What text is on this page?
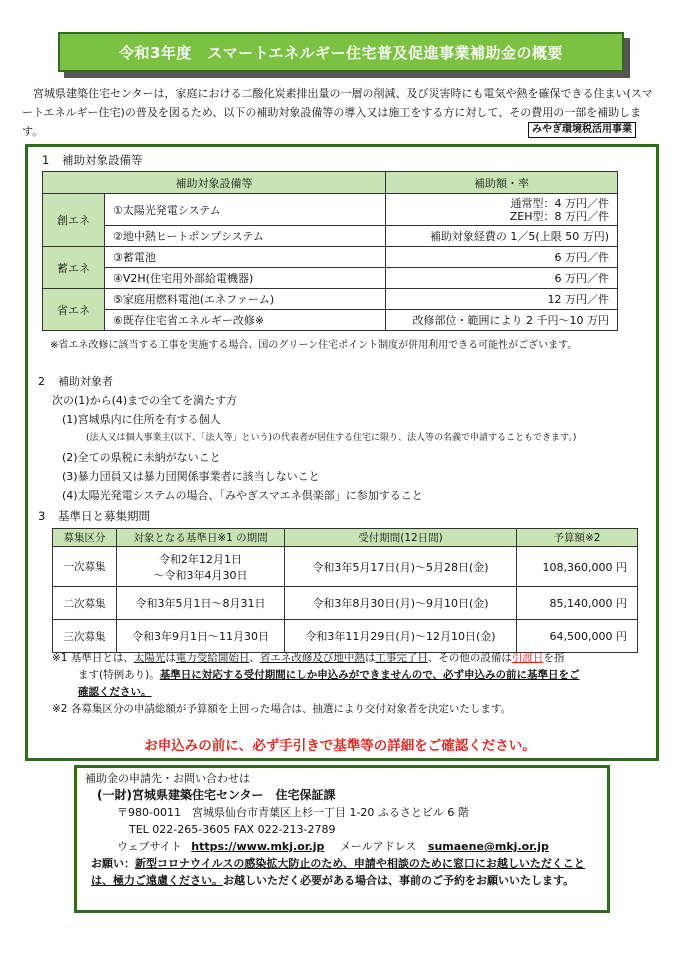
令和3年度　スマートエネルギー住宅普及促進事業補助金の概要

宮城県建築住宅センターは，家庭における二酸化炭素排出量の一層の削減、及び災害時にも電気や熱を確保できる住まい(スマートエネルギー住宅)の普及を図るため、以下の補助対象設備等の導入又は施工をする方に対して、その費用の一部を補助します。	みやぎ環境税活用事業
1 補助対象設備等
補助対象設備等		補助額・率
創エネ	①太陽光発電システム	通常型：4 万円／件
ZEH型：8 万円／件

	②地中熱ヒートポンプシステム	補助対象経費の 1／5(上限 50 万円)
蓄エネ	③蓄電池	6 万円／件
	④V2H(住宅用外部給電機器)	6 万円／件
省エネ	⑤家庭用燃料電池(エネファーム)	12 万円／件
	⑥既存住宅省エネルギー改修※	改修部位・範囲により 2 千円～10 万円
※省エネ改修に該当する工事を実施する場合、国のグリーン住宅ポイント制度が併用利用できる可能性がございます。
2 補助対象者
次の(1)から(4)までの全てを満たす方
(1)宮城県内に住所を有する個人
(法人又は個人事業主(以下、「法人等」という)の代表者が居住する住宅に限り、法人等の名義で申請することもできます。)
(2)全ての県税に未納がないこと
(3)暴力団員又は暴力団関係事業者に該当しないこと
(4)太陽光発電システムの場合、「みやぎスマエネ倶楽部」に参加すること
3 基準日と募集期間
募集区分	対象となる基準日※1 の期間	受付期間(12日間)	予算額※2
一次募集	令和2年12月1日
～令和3年4月30日	令和3年5月17日(月)～5月28日(金)	108,360,000 円
二次募集	令和3年5月1日～8月31日	令和3年8月30日(月)～9月10日(金)	85,140,000 円
三次募集	令和3年9月1日～11月30日	令和3年11月29日(月)～12月10日(金)	64,500,000 円
※1 基準日とは、太陽光は電力受給開始日、省エネ改修及び地中熱は工事完了日、その他の設備は引渡日を指
ます(特例あり)。基準日に対応する受付期間にしか申込みができませんので、必ず申込みの前に基準日をご
確認ください。
※2 各募集区分の申請総額が予算額を上回った場合は、抽選により交付対象者を決定いたします。
お申込みの前に、必ず手引きで基準等の詳細をご確認ください。
補助金の申請先・お問い合わせは
(一財)宮城県建築住宅センター　住宅保証課
〒980-0011　宮城県仙台市青葉区上杉一丁目 1-20 ふるさとビル 6 階
TEL 022-265-3605 FAX 022-213-2789
ウェブサイト https://www.mkj.or.jp メールアドレス sumaene@mkj.or.jp
お願い：新型コロナウイルスの感染拡大防止のため、申請や相談のために窓口にお越しいただくことは、極力ご遠慮ください。お越しいただく必要がある場合は、事前のご予約をお願いいたします。
